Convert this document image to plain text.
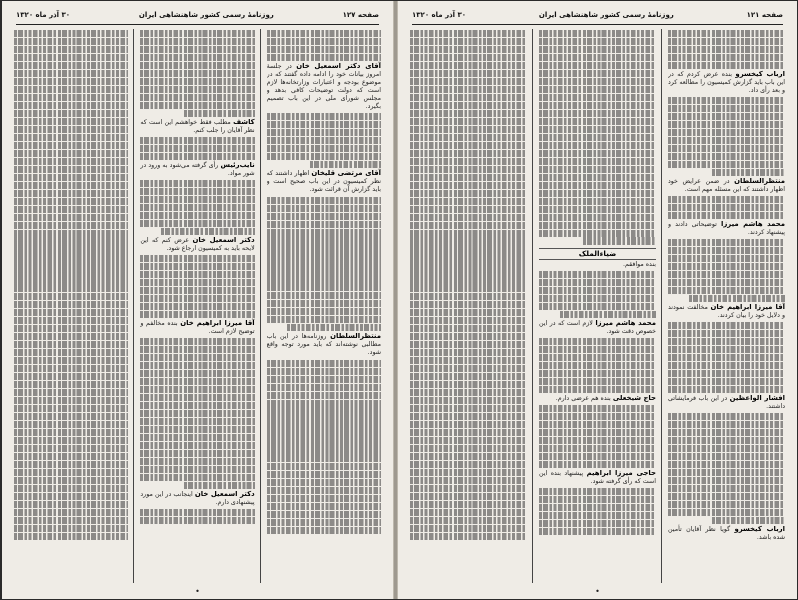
صفحه ۱۲۷
روزنامهٔ رسمی کشور شاهنشاهی ایران
۳۰ آذر ماه ۱۳۲۰
آقای دکتر اسمعیل خان در جلسهٔ امروز بیانات خود را ادامه داده گفتند که در موضوع بودجه و اعتبارات وزارتخانه‌ها لازم است که دولت توضیحات کافی بدهد و مجلس شورای ملی در این باب تصمیم بگیرد.
آقای مرتضی قلیخان اظهار داشتند که نظر کمیسیون در این باب صحیح است و باید گزارش آن قرائت شود.
منتظرالسلطان روزنامه‌ها در این باب مطالبی نوشته‌اند که باید مورد توجه واقع شود.
کاشف مطلب فقط خواهشم این است که نظر آقایان را جلب کنم.
نایب‌رئیس رأی گرفته می‌شود به ورود در شور مواد.
دکتر اسمعیل خان عرض کنم که این لایحه باید به کمیسیون ارجاع شود.
آقا میرزا ابراهیم خان بنده مخالفم و توضیح لازم است.
دکتر اسمعیل خان اینجانب در این مورد پیشنهادی دارم.
•
صفحه ۱۲۱
روزنامهٔ رسمی کشور شاهنشاهی ایران
۳۰ آذر ماه ۱۳۲۰
ارباب کیخسرو بنده عرض کردم که در این باب باید گزارش کمیسیون را مطالعه کرد و بعد رأی داد.
منتظرالسلطان در ضمن عرایض خود اظهار داشتند که این مسئله مهم است.
محمد هاشم میرزا توضیحاتی دادند و پیشنهاد کردند.
آقا میرزا ابراهیم خان مخالفت نمودند و دلایل خود را بیان کردند.
افشار الواعظین در این باب فرمایشاتی داشتند.
ارباب کیخسرو گویا نظر آقایان تأمین شده باشد.
ضیاءالملک
بنده موافقم.
محمد هاشم میرزا لازم است که در این خصوص دقت شود.
حاج شیخعلی بنده هم عرضی دارم.
حاجی میرزا ابراهیم پیشنهاد بنده این است که رأی گرفته شود.
•
